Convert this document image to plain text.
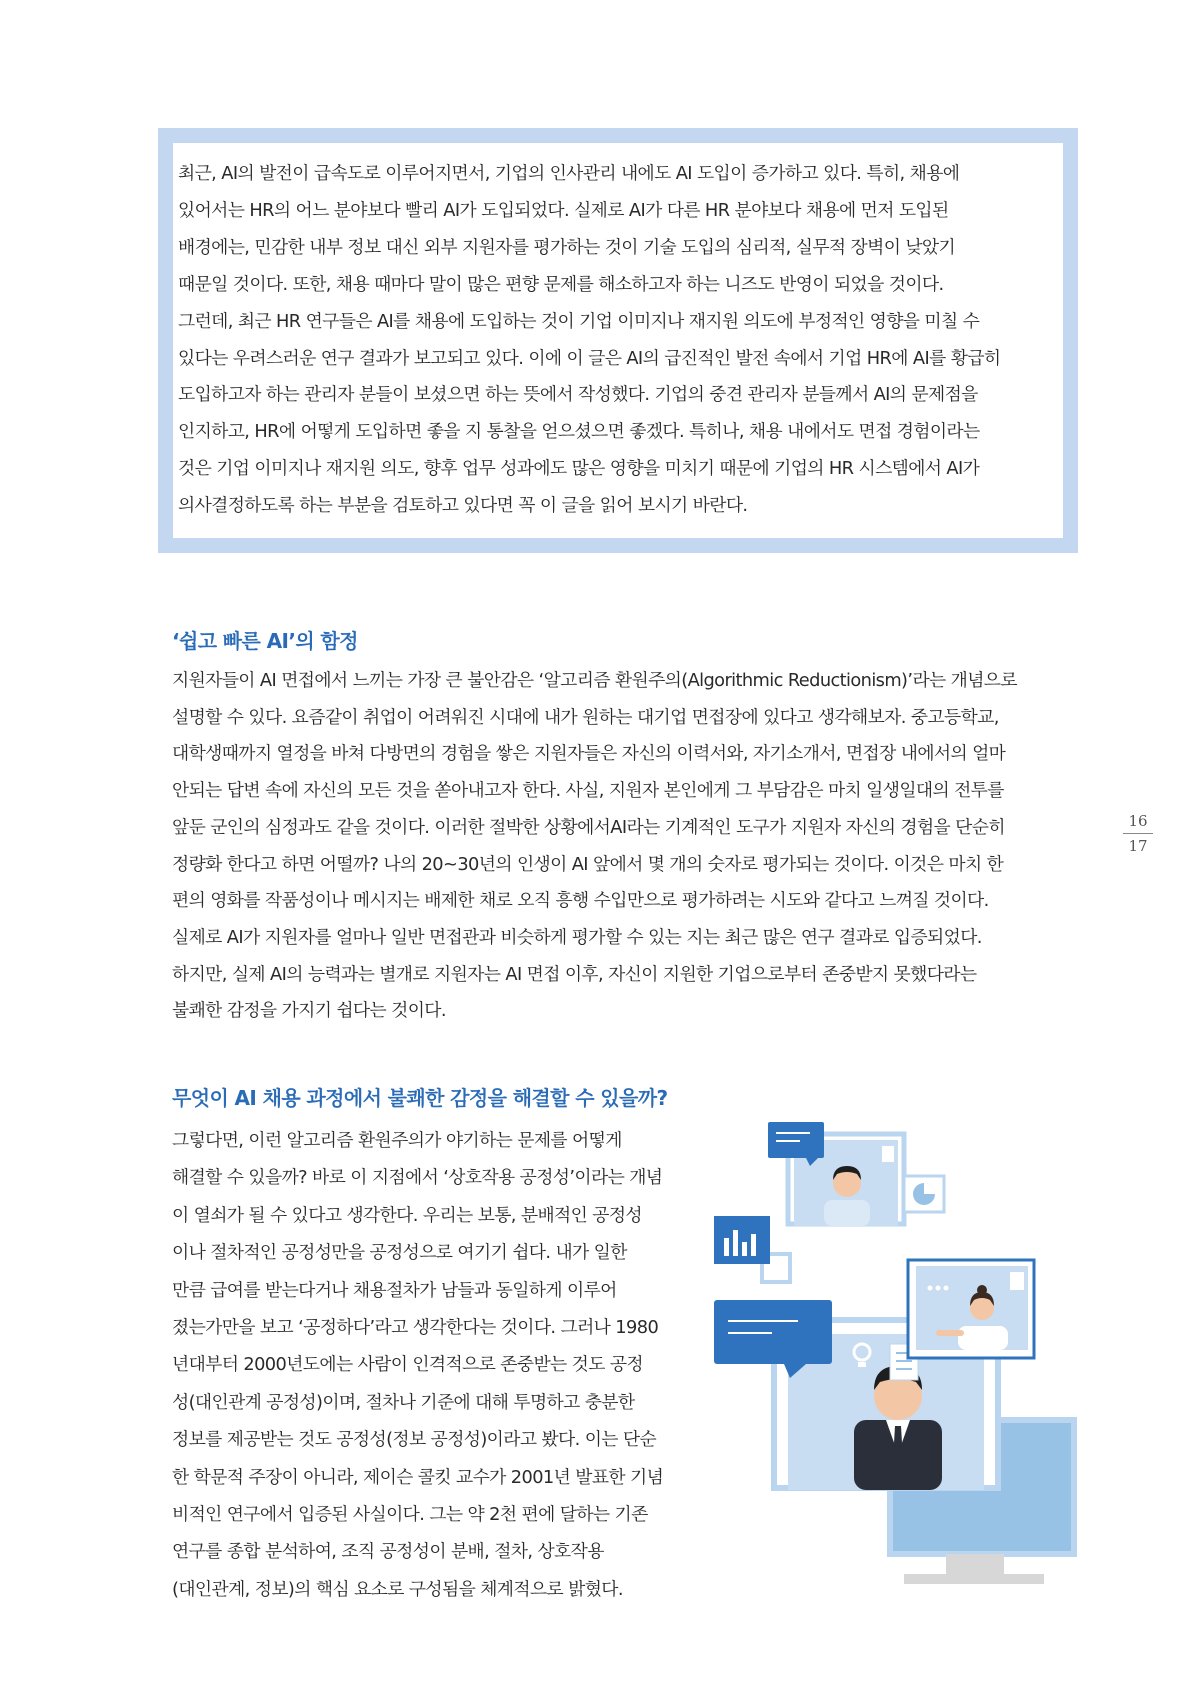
최근, AI의 발전이 급속도로 이루어지면서, 기업의 인사관리 내에도 AI 도입이 증가하고 있다. 특히, 채용에

있어서는 HR의 어느 분야보다 빨리 AI가 도입되었다. 실제로 AI가 다른 HR 분야보다 채용에 먼저 도입된

배경에는, 민감한 내부 정보 대신 외부 지원자를 평가하는 것이 기술 도입의 심리적, 실무적 장벽이 낮았기

때문일 것이다. 또한, 채용 때마다 말이 많은 편향 문제를 해소하고자 하는 니즈도 반영이 되었을 것이다.

그런데, 최근 HR 연구들은 AI를 채용에 도입하는 것이 기업 이미지나 재지원 의도에 부정적인 영향을 미칠 수

있다는 우려스러운 연구 결과가 보고되고 있다. 이에 이 글은 AI의 급진적인 발전 속에서 기업 HR에 AI를 황급히

도입하고자 하는 관리자 분들이 보셨으면 하는 뜻에서 작성했다. 기업의 중견 관리자 분들께서 AI의 문제점을

인지하고, HR에 어떻게 도입하면 좋을 지 통찰을 얻으셨으면 좋겠다. 특히나, 채용 내에서도 면접 경험이라는

것은 기업 이미지나 재지원 의도, 향후 업무 성과에도 많은 영향을 미치기 때문에 기업의 HR 시스템에서 AI가

의사결정하도록 하는 부분을 검토하고 있다면 꼭 이 글을 읽어 보시기 바란다.

‘쉽고 빠른 AI’의 함정

지원자들이 AI 면접에서 느끼는 가장 큰 불안감은 ‘알고리즘 환원주의(Algorithmic Reductionism)’라는 개념으로

설명할 수 있다. 요즘같이 취업이 어려워진 시대에 내가 원하는 대기업 면접장에 있다고 생각해보자. 중고등학교,

대학생때까지 열정을 바쳐 다방면의 경험을 쌓은 지원자들은 자신의 이력서와, 자기소개서, 면접장 내에서의 얼마

안되는 답변 속에 자신의 모든 것을 쏟아내고자 한다. 사실, 지원자 본인에게 그 부담감은 마치 일생일대의 전투를

앞둔 군인의 심정과도 같을 것이다. 이러한 절박한 상황에서AI라는 기계적인 도구가 지원자 자신의 경험을 단순히

정량화 한다고 하면 어떨까? 나의 20~30년의 인생이 AI 앞에서 몇 개의 숫자로 평가되는 것이다. 이것은 마치 한

편의 영화를 작품성이나 메시지는 배제한 채로 오직 흥행 수입만으로 평가하려는 시도와 같다고 느껴질 것이다.

실제로 AI가 지원자를 얼마나 일반 면접관과 비슷하게 평가할 수 있는 지는 최근 많은 연구 결과로 입증되었다.

하지만, 실제 AI의 능력과는 별개로 지원자는 AI 면접 이후, 자신이 지원한 기업으로부터 존중받지 못했다라는

불쾌한 감정을 가지기 쉽다는 것이다.

무엇이 AI 채용 과정에서 불쾌한 감정을 해결할 수 있을까?

그렇다면, 이런 알고리즘 환원주의가 야기하는 문제를 어떻게

해결할 수 있을까? 바로 이 지점에서 ‘상호작용 공정성’이라는 개념

이 열쇠가 될 수 있다고 생각한다. 우리는 보통, 분배적인 공정성

이나 절차적인 공정성만을 공정성으로 여기기 쉽다. 내가 일한

만큼 급여를 받는다거나 채용절차가 남들과 동일하게 이루어

졌는가만을 보고 ‘공정하다’라고 생각한다는 것이다. 그러나 1980

년대부터 2000년도에는 사람이 인격적으로 존중받는 것도 공정

성(대인관계 공정성)이며, 절차나 기준에 대해 투명하고 충분한

정보를 제공받는 것도 공정성(정보 공정성)이라고 봤다. 이는 단순

한 학문적 주장이 아니라, 제이슨 콜킷 교수가 2001년 발표한 기념

비적인 연구에서 입증된 사실이다. 그는 약 2천 편에 달하는 기존

연구를 종합 분석하여, 조직 공정성이 분배, 절차, 상호작용

(대인관계, 정보)의 핵심 요소로 구성됨을 체계적으로 밝혔다.

16
17
